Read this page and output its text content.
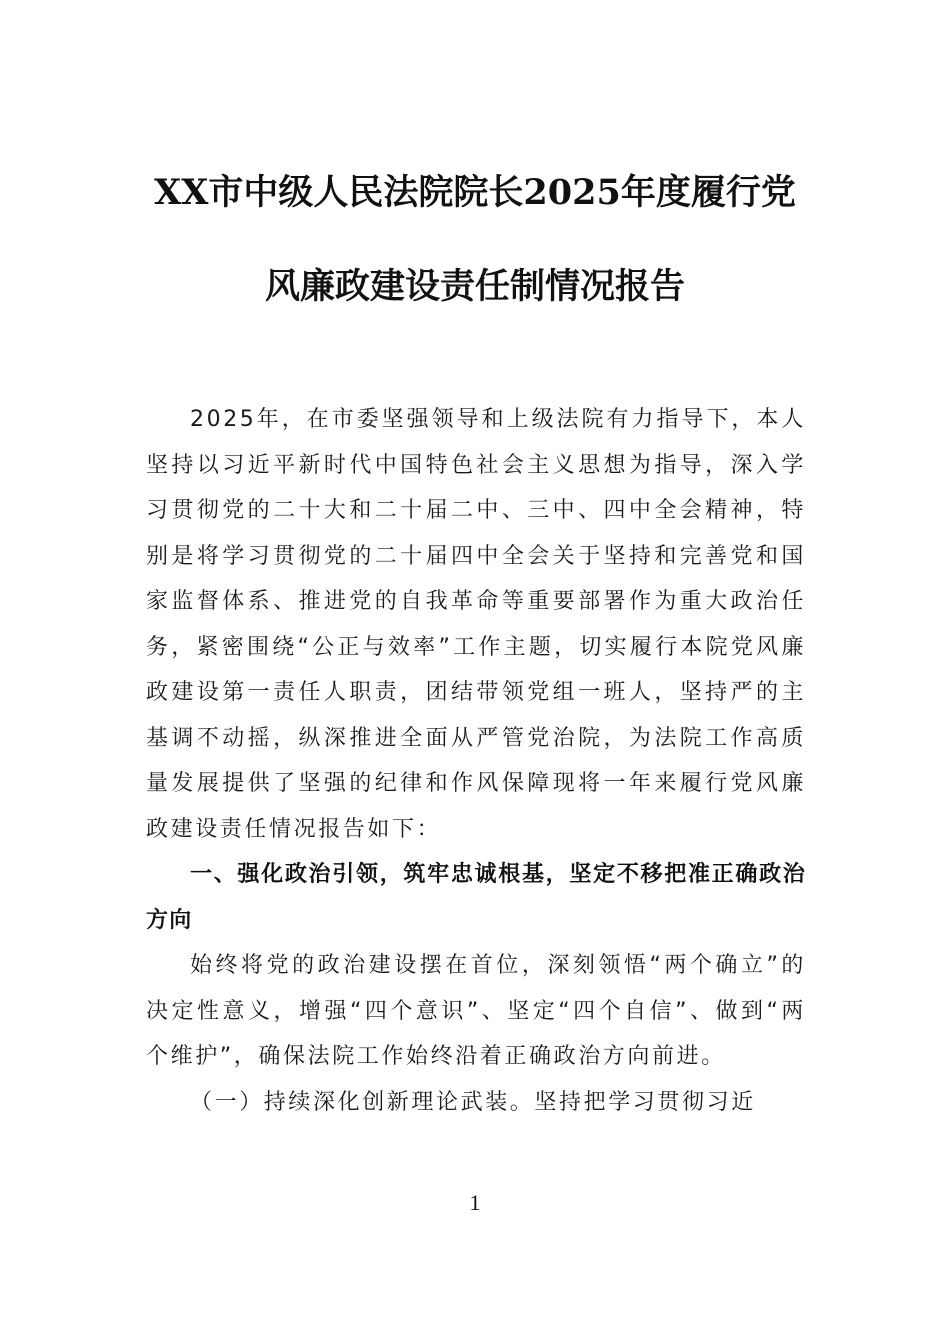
XX市中级人民法院院长2025年度履行党
风廉政建设责任制情况报告

2025年，在市委坚强领导和上级法院有力指导下，本人坚持以习近平新时代中国特色社会主义思想为指导，深入学习贯彻党的二十大和二十届二中、三中、四中全会精神，特别是将学习贯彻党的二十届四中全会关于坚持和完善党和国家监督体系、推进党的自我革命等重要部署作为重大政治任务，紧密围绕“公正与效率”工作主题，切实履行本院党风廉政建设第一责任人职责，团结带领党组一班人，坚持严的主基调不动摇，纵深推进全面从严管党治院，为法院工作高质量发展提供了坚强的纪律和作风保障现将一年来履行党风廉政建设责任情况报告如下：

一、强化政治引领，筑牢忠诚根基，坚定不移把准正确政治方向

始终将党的政治建设摆在首位，深刻领悟“两个确立”的决定性意义，增强“四个意识”、坚定“四个自信”、做到“两个维护”，确保法院工作始终沿着正确政治方向前进。

（一）持续深化创新理论武装。坚持把学习贯彻习近

1
